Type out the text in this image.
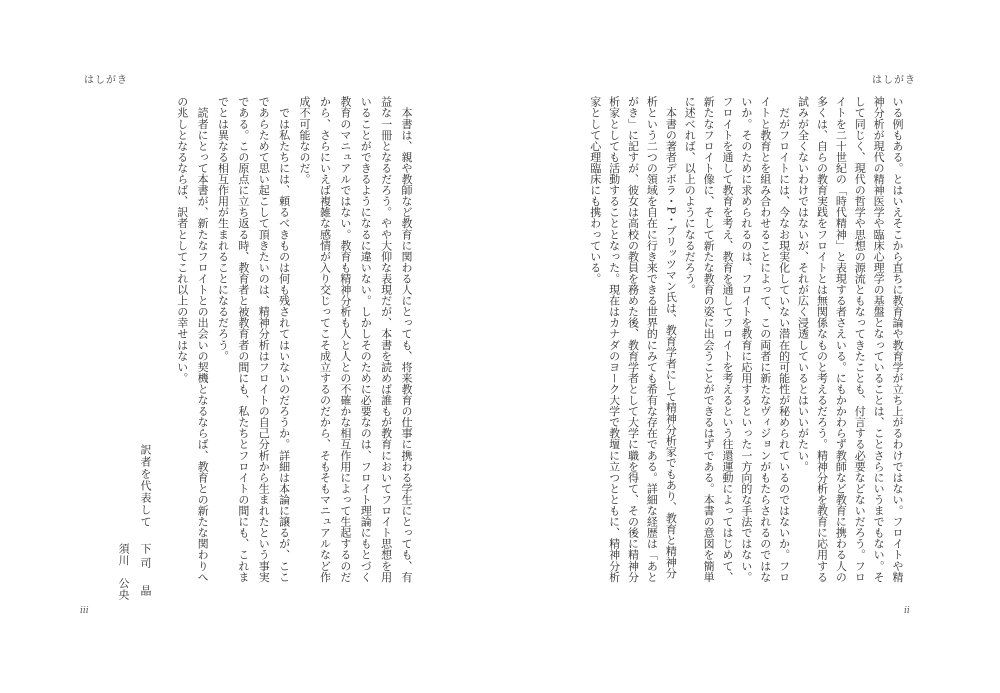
はしがき
　本書は、親や教師など教育に関わる人にとっても、将来教育の仕事に携わる学生にとっても、有
益な一冊となるだろう。やや大仰な表現だが、本書を読めば誰もが教育においてフロイト思想を用
いることができるようになるに違いない。しかしそのために必要なのは、フロイト理論にもとづく
教育のマニュアルではない。教育も精神分析も人と人との不確かな相互作用によって生起するのだ
から、さらにいえば複雑な感情が入り交じってこそ成立するのだから、そもそもマニュアルなど作
成不可能なのだ。
　では私たちには、頼るべきものは何も残されてはいないのだろうか。詳細は本論に譲るが、ここ
であらためて思い起こして頂きたいのは、精神分析はフロイトの自己分析から生まれたという事実
である。この原点に立ち返る時、教育者と被教育者の間にも、私たちとフロイトの間にも、これま
でとは異なる相互作用が生まれることになるだろう。
　読者にとって本書が、新たなフロイトとの出会いの契機となるならば、教育との新たな関わりへ
の兆しとなるならば、訳者としてこれ以上の幸せはない。
訳者を代表して
下司　晶
須川　公央
iii
はしがき
いる例もある。とはいえそこから直ちに教育論や教育学が立ち上がるわけではない。フロイトや精
神分析が現代の精神医学や臨床心理学の基盤となっていることは、ことさらにいうまでもない。そ
して同じく、現代の哲学や思想の源流ともなってきたことも、付言する必要などないだろう。フロ
イトを二十世紀の「時代精神」と表現する者さえいる。にもかかわらず教師など教育に携わる人の
多くは、自らの教育実践をフロイトとは無関係なものと考えるだろう。精神分析を教育に応用する
試みが全くないわけではないが、それが広く浸透しているとはいいがたい。
　だがフロイトには、今なお現実化していない潜在的可能性が秘められているのではないか。フロ
イトと教育とを組み合わせることによって、この両者に新たなヴィジョンがもたらされるのではな
いか。そのために求められるのは、フロイトを教育に応用するといった一方向的な手法ではない。
フロイトを通して教育を考え、教育を通してフロイトを考えるという往還運動によってはじめて、
新たなフロイト像に、そして新たな教育の姿に出会うことができるはずである。本書の意図を簡単
に述べれば、以上のようになるだろう。
　本書の著者デボラ・P・ブリッツマン氏は、教育学者にして精神分析家でもあり、教育と精神分
析という二つの領域を自在に行き来できる世界的にみても希有な存在である。詳細な経歴は「あと
がき」に記すが、彼女は高校の教員を務めた後、教育学者として大学に職を得て、その後に精神分
析家としても活動することとなった。現在はカナダのヨーク大学で教壇に立つとともに、精神分析
家として心理臨床にも携わっている。
ii
